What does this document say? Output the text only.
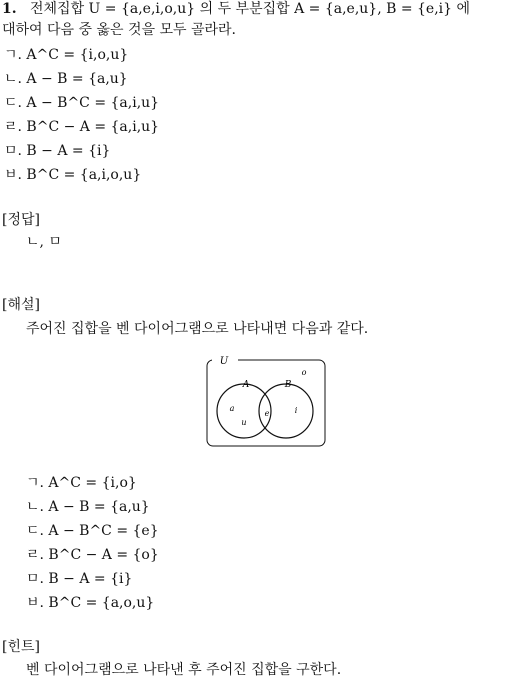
1. 전체집합 U = {a,e,i,o,u} 의 두 부분집합 A = {a,e,u}, B = {e,i} 에
대하여 다음 중 옳은 것을 모두 골라라.
ㄱ. A^C = {i,o,u}
ㄴ. A − B = {a,u}
ㄷ. A − B^C = {a,i,u}
ㄹ. B^C − A = {a,i,u}
ㅁ. B − A = {i}
ㅂ. B^C = {a,i,o,u}
[정답]
ㄴ, ㅁ
[해설]
주어진 집합을 벤 다이어그램으로 나타내면 다음과 같다.
U
A	B
o
a
u
e	i
ㄱ. A^C = {i,o}
ㄴ. A − B = {a,u}
ㄷ. A − B^C = {e}
ㄹ. B^C − A = {o}
ㅁ. B − A = {i}
ㅂ. B^C = {a,o,u}
[힌트]
벤 다이어그램으로 나타낸 후 주어진 집합을 구한다.
